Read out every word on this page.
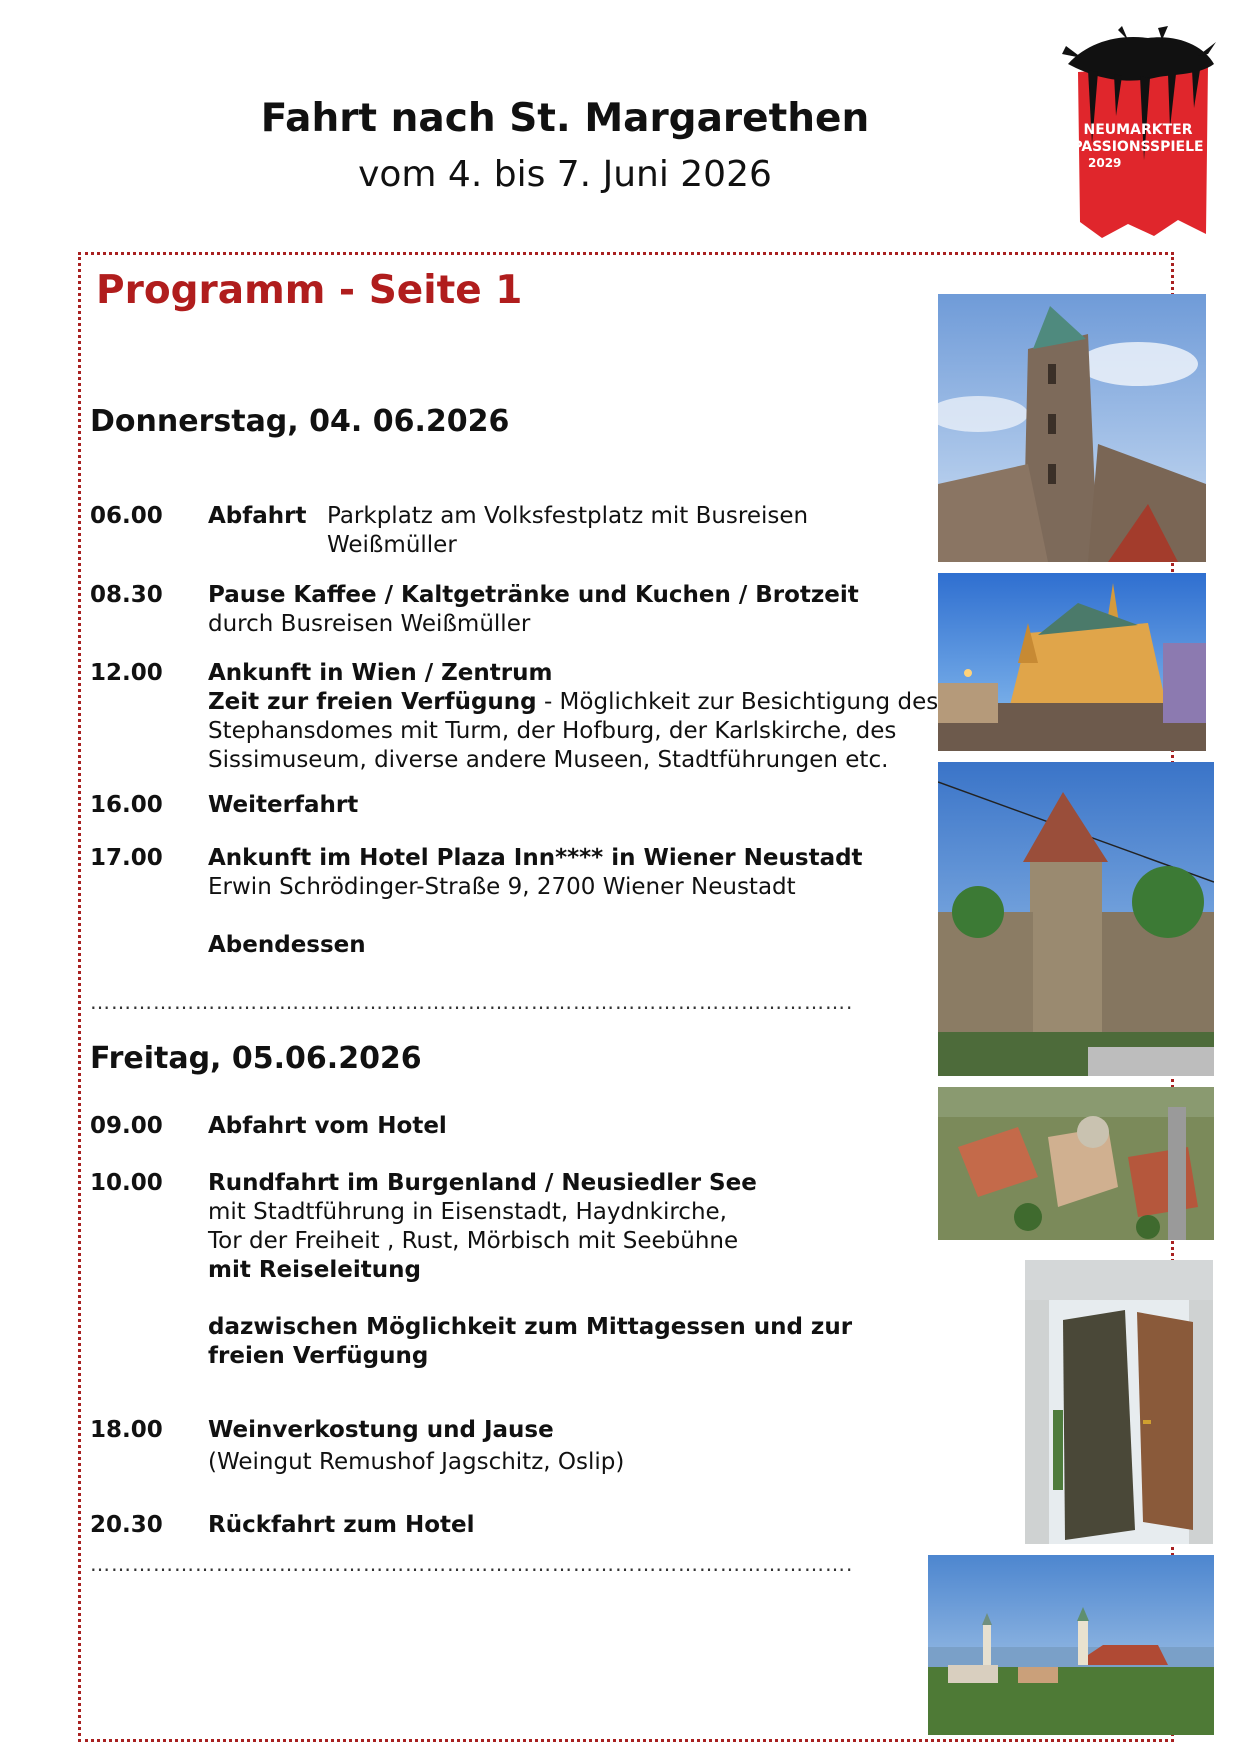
Fahrt nach St. Margarethen
vom 4. bis 7. Juni 2026
NEUMARKTER
PASSIONSSPIELE
2029
Programm - Seite 1
Donnerstag, 04. 06.2026
06.00 Abfahrt Parkplatz am Volksfestplatz mit Busreisen
Weißmüller
08.30 Pause Kaffee / Kaltgetränke und Kuchen / Brotzeit
durch Busreisen Weißmüller
12.00 Ankunft in Wien / Zentrum
Zeit zur freien Verfügung - Möglichkeit zur Besichtigung des
Stephansdomes mit Turm, der Hofburg, der Karlskirche, des
Sissimuseum, diverse andere Museen, Stadtführungen etc.
16.00 Weiterfahrt
17.00 Ankunft im Hotel Plaza Inn**** in Wiener Neustadt
Erwin Schrödinger-Straße 9, 2700 Wiener Neustadt
Abendessen
……………………………………………………………………………………………….
Freitag, 05.06.2026
09.00 Abfahrt vom Hotel
10.00 Rundfahrt im Burgenland / Neusiedler See
mit Stadtführung in Eisenstadt, Haydnkirche,
Tor der Freiheit , Rust, Mörbisch mit Seebühne
mit Reiseleitung
dazwischen Möglichkeit zum Mittagessen und zur
freien Verfügung
18.00 Weinverkostung und Jause
(Weingut Remushof Jagschitz, Oslip)
20.30 Rückfahrt zum Hotel
……………………………………………………………………………………………….
